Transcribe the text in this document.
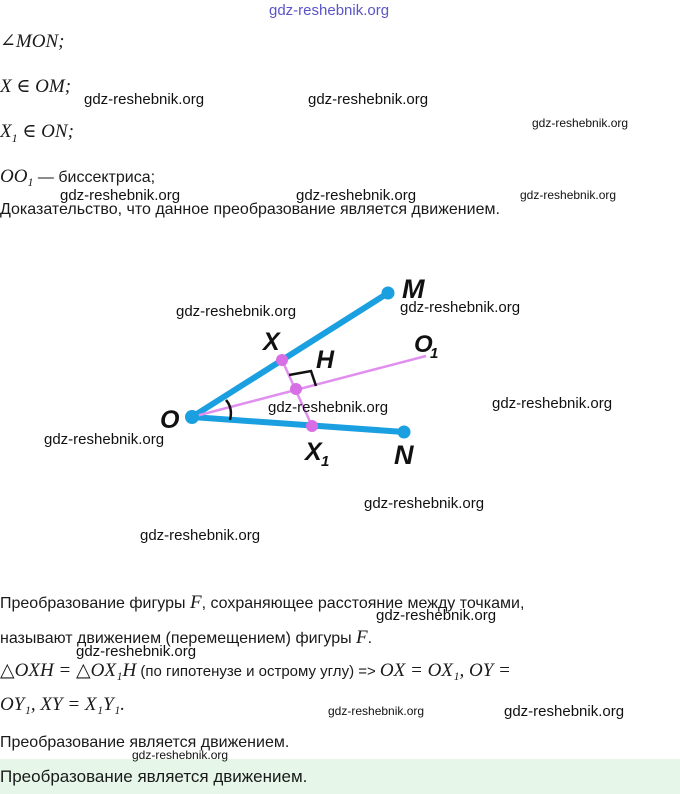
gdz-reshebnik.org
∠MON;
X ∈ OM;
$X_1$ ∈ ON;
$OO_1$ — биссектриса;
Доказательство, что данное преобразование является движением.
M
X
H
O
1
O
X 1 N
Преобразование фигуры F, сохраняющее расстояние между точками,
называют движением (перемещением) фигуры F.
△OXH = △OX₁H (по гипотенузе и острому углу) => OX = OX₁, OY =
OY₁, XY = X₁Y₁.
Преобразование является движением.
Преобразование является движением.
gdz-reshebnik.org	gdz-reshebnik.org
gdz-reshebnik.org
gdz-reshebnik.org	gdz-reshebnik.org	gdz-reshebnik.org
gdz-reshebnik.org	gdz-reshebnik.org
gdz-reshebnik.org	gdz-reshebnik.org
gdz-reshebnik.org
gdz-reshebnik.org
gdz-reshebnik.org
gdz-reshebnik.org
gdz-reshebnik.org
gdz-reshebnik.org	gdz-reshebnik.org
gdz-reshebnik.org
